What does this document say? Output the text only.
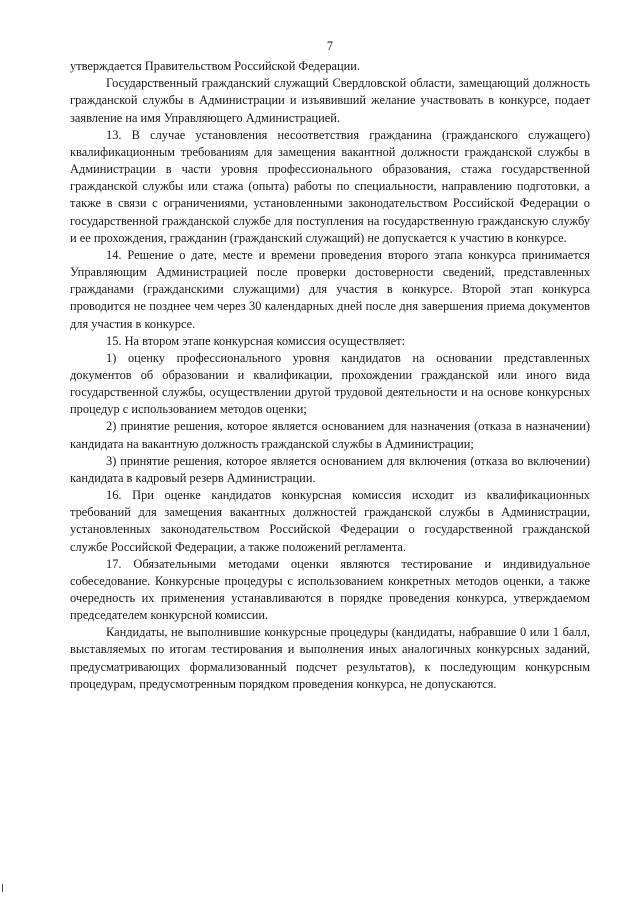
7

утверждается Правительством Российской Федерации.

Государственный гражданский служащий Свердловской области, замещающий должность гражданской службы в Администрации и изъявивший желание участвовать в конкурсе, подает заявление на имя Управляющего Администрацией.

13. В случае установления несоответствия гражданина (гражданского служащего) квалификационным требованиям для замещения вакантной должности гражданской службы в Администрации в части уровня профессионального образования, стажа государственной гражданской службы или стажа (опыта) работы по специальности, направлению подготовки, а также в связи с ограничениями, установленными законодательством Российской Федерации о государственной гражданской службе для поступления на государственную гражданскую службу и ее прохождения, гражданин (гражданский служащий) не допускается к участию в конкурсе.

14. Решение о дате, месте и времени проведения второго этапа конкурса принимается Управляющим Администрацией после проверки достоверности сведений, представленных гражданами (гражданскими служащими) для участия в конкурсе. Второй этап конкурса проводится не позднее чем через 30 календарных дней после дня завершения приема документов для участия в конкурсе.

15. На втором этапе конкурсная комиссия осуществляет:

1) оценку профессионального уровня кандидатов на основании представленных документов об образовании и квалификации, прохождении гражданской или иного вида государственной службы, осуществлении другой трудовой деятельности и на основе конкурсных процедур с использованием методов оценки;

2) принятие решения, которое является основанием для назначения (отказа в назначении) кандидата на вакантную должность гражданской службы в Администрации;

3) принятие решения, которое является основанием для включения (отказа во включении) кандидата в кадровый резерв Администрации.

16. При оценке кандидатов конкурсная комиссия исходит из квалификационных требований для замещения вакантных должностей гражданской службы в Администрации, установленных законодательством Российской Федерации о государственной гражданской службе Российской Федерации, а также положений регламента.

17. Обязательными методами оценки являются тестирование и индивидуальное собеседование. Конкурсные процедуры с использованием конкретных методов оценки, а также очередность их применения устанавливаются в порядке проведения конкурса, утверждаемом председателем конкурсной комиссии.

Кандидаты, не выполнившие конкурсные процедуры (кандидаты, набравшие 0 или 1 балл, выставляемых по итогам тестирования и выполнения иных аналогичных конкурсных заданий, предусматривающих формализованный подсчет результатов), к последующим конкурсным процедурам, предусмотренным порядком проведения конкурса, не допускаются.
